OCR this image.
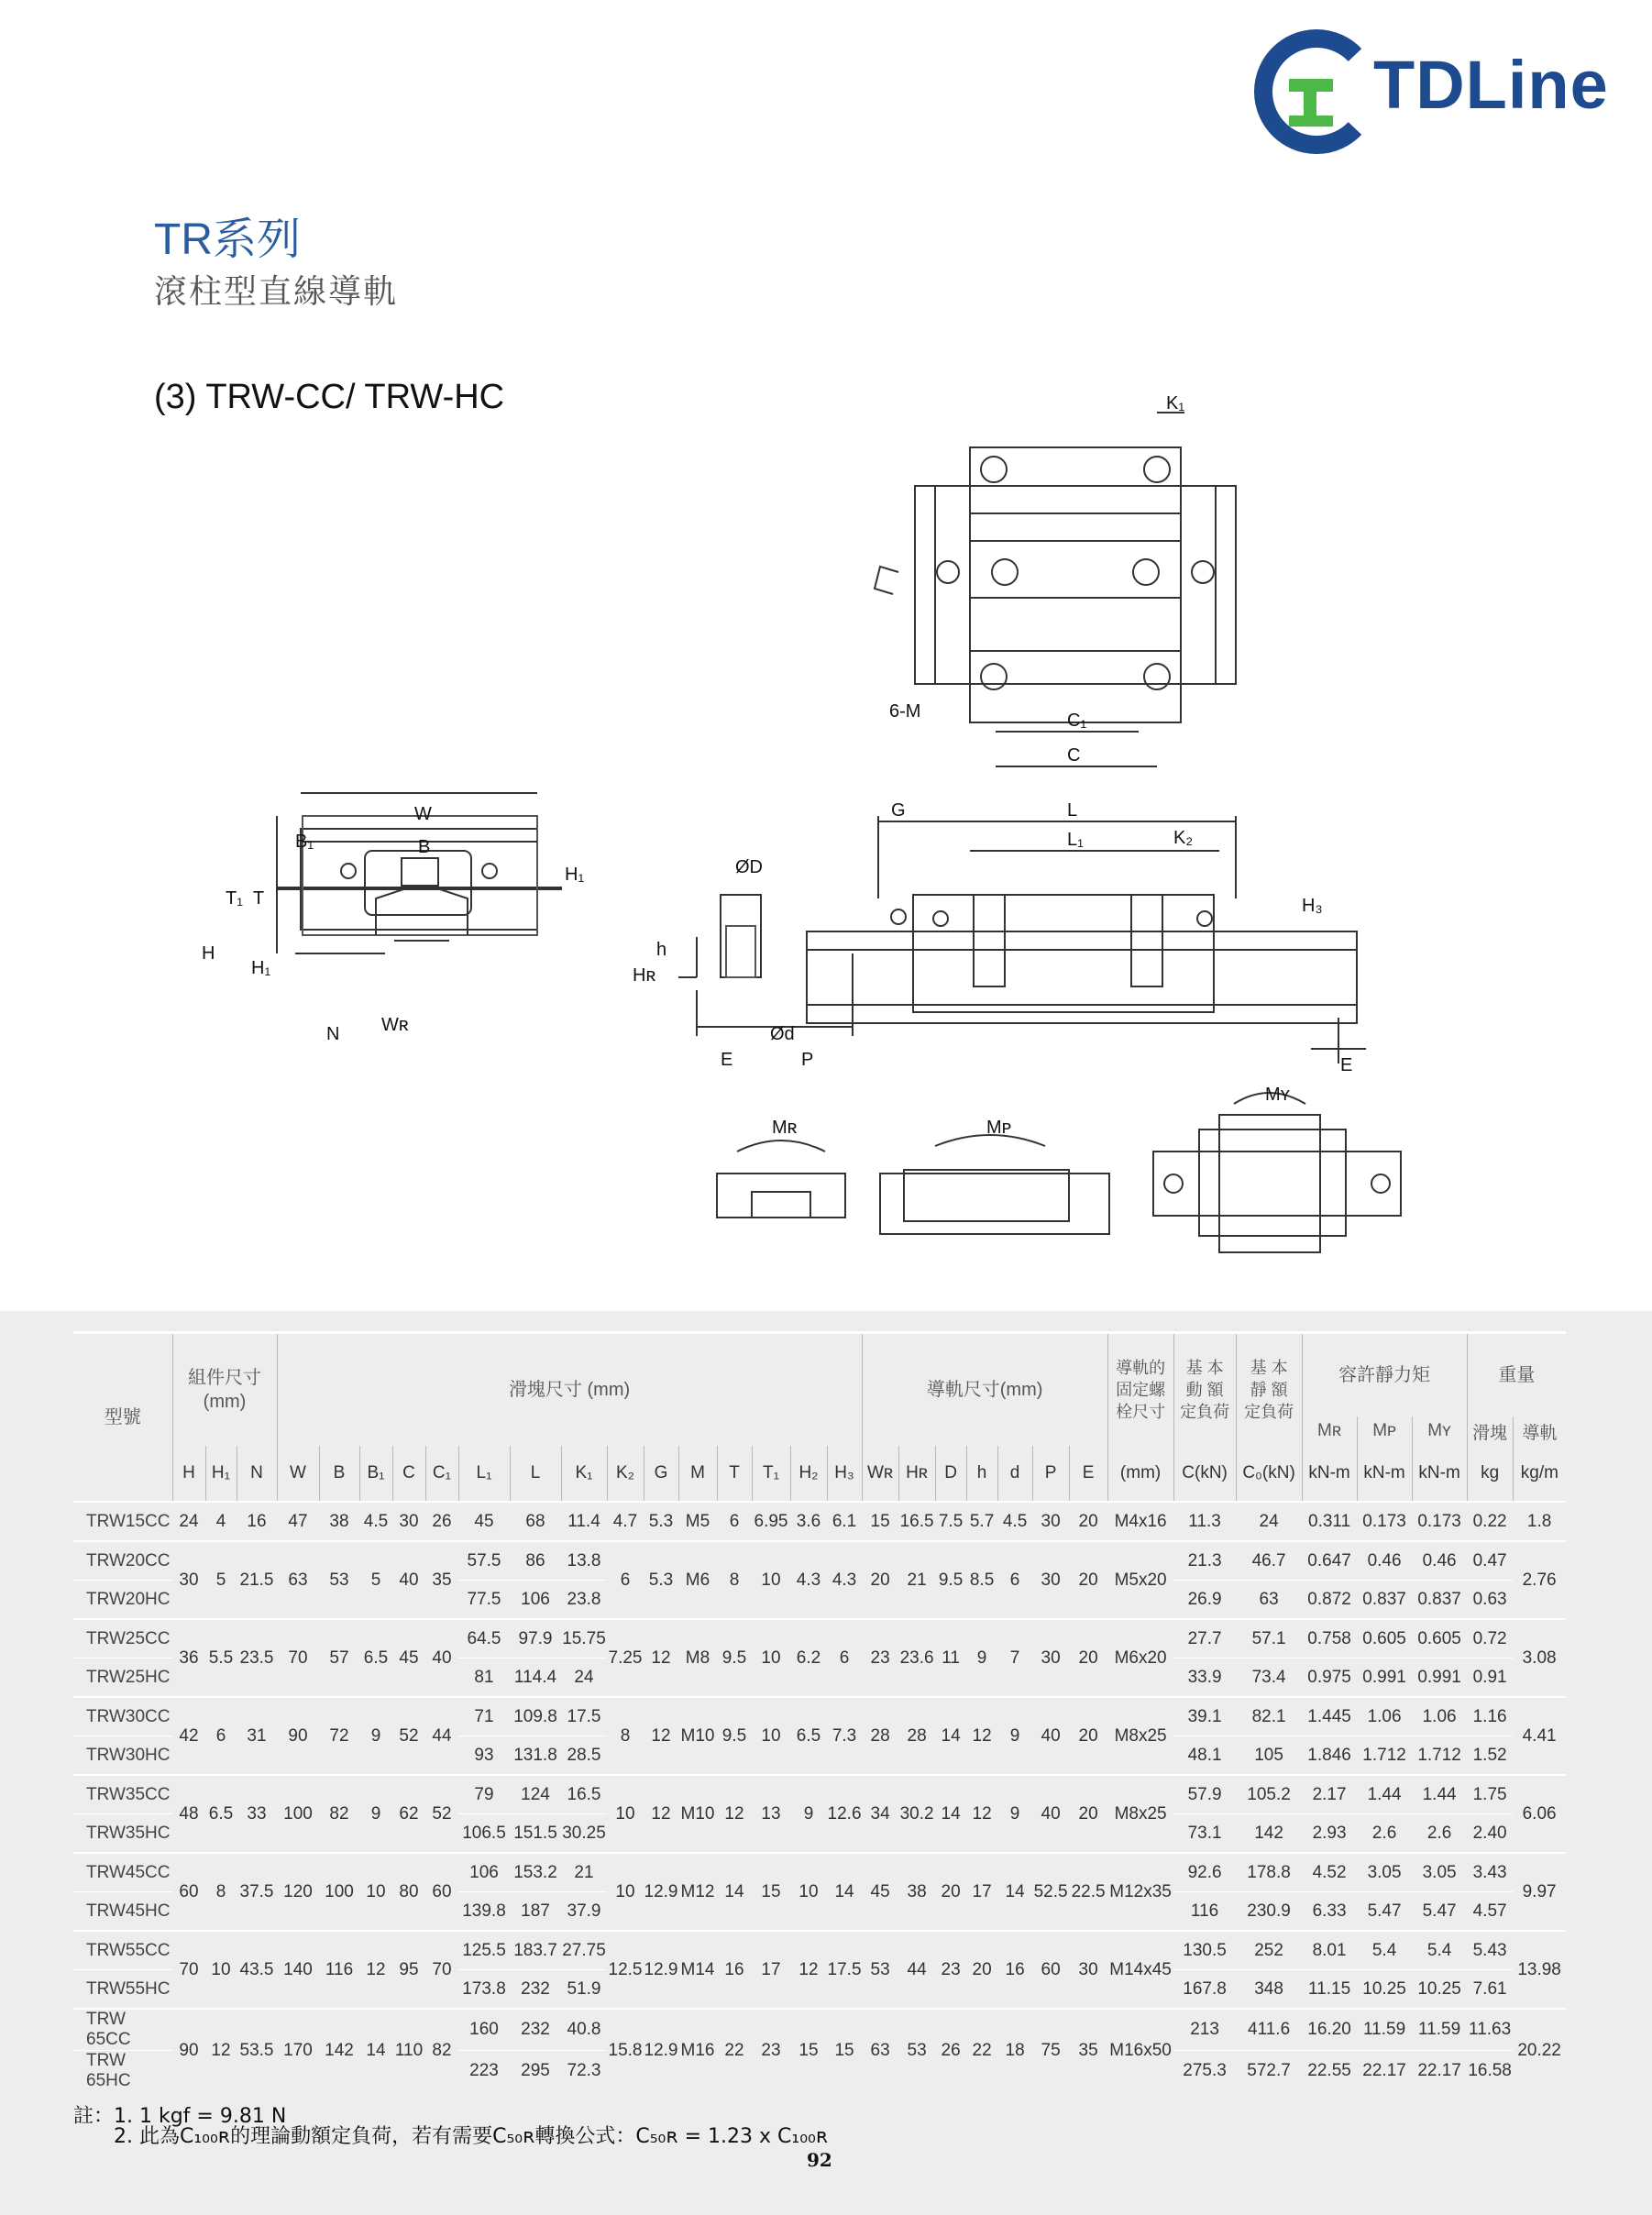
TDLine
TR系列
滾柱型直線導軌
(3) TRW-CC/ TRW-HC	K₁
6-M	C₁
C
W
B₁	B
H₁
T₁ T
H
H₁
N Wʀ
ØD
h
Hʀ
Ød
E	P
G	L
L₁	K₂
H₃
E
Mʀ	Mᴘ
Mʏ
型號	組件尺寸
(mm)			滑塊尺寸 (mm)															導軌尺寸(mm)							導軌的
固定螺
栓尺寸	基 本
動 額
定負荷	基 本
靜 額
定負荷	容許靜力矩			重量	
																													Mʀ	Mᴘ	Mʏ	滑塊	導軌
	H	H₁	N	W	B	B₁	C	C₁	L₁	L	K₁	K₂	G	M	T	T₁	H₂	H₃	Wʀ	Hʀ	D	h	d	P	E	(mm)	C(kN)	C₀(kN)	kN-m	kN-m	kN-m	kg	kg/m
TRW15CC	24	4	16	47	38	4.5	30	26	45	68	11.4	4.7	5.3	M5	6	6.95	3.6	6.1	15	16.5	7.5	5.7	4.5	30	20	M4x16	11.3	24	0.311	0.173	0.173	0.22	1.8
TRW20CC	30	5	21.5	63	53	5	40	35	57.5	86	13.8	6	5.3	M6	8	10	4.3	4.3	20	21	9.5	8.5	6	30	20	M5x20	21.3	46.7	0.647	0.46	0.46	0.47	2.76
TRW20HC									77.5	106	23.8																26.9	63	0.872	0.837	0.837	0.63	
TRW25CC	36	5.5	23.5	70	57	6.5	45	40	64.5	97.9	15.75	7.25	12	M8	9.5	10	6.2	6	23	23.6	11	9	7	30	20	M6x20	27.7	57.1	0.758	0.605	0.605	0.72	3.08
TRW25HC									81	114.4	24																33.9	73.4	0.975	0.991	0.991	0.91	
TRW30CC	42	6	31	90	72	9	52	44	71	109.8	17.5	8	12	M10	9.5	10	6.5	7.3	28	28	14	12	9	40	20	M8x25	39.1	82.1	1.445	1.06	1.06	1.16	4.41
TRW30HC									93	131.8	28.5																48.1	105	1.846	1.712	1.712	1.52	
TRW35CC	48	6.5	33	100	82	9	62	52	79	124	16.5	10	12	M10	12	13	9	12.6	34	30.2	14	12	9	40	20	M8x25	57.9	105.2	2.17	1.44	1.44	1.75	6.06
TRW35HC									106.5	151.5	30.25																73.1	142	2.93	2.6	2.6	2.40	
TRW45CC	60	8	37.5	120	100	10	80	60	106	153.2	21	10	12.9	M12	14	15	10	14	45	38	20	17	14	52.5	22.5	M12x35	92.6	178.8	4.52	3.05	3.05	3.43	9.97
TRW45HC									139.8	187	37.9																116	230.9	6.33	5.47	5.47	4.57	
TRW55CC	70	10	43.5	140	116	12	95	70	125.5	183.7	27.75	12.5	12.9	M14	16	17	12	17.5	53	44	23	20	16	60	30	M14x45	130.5	252	8.01	5.4	5.4	5.43	13.98
TRW55HC									173.8	232	51.9																167.8	348	11.15	10.25	10.25	7.61	
TRW 65CC	90	12	53.5	170	142	14	110	82	160	232	40.8	15.8	12.9	M16	22	23	15	15	63	53	26	22	18	75	35	M16x50	213	411.6	16.20	11.59	11.59	11.63	20.22
TRW 65HC									223	295	72.3																275.3	572.7	22.55	22.17	22.17	16.58	
註：1. 1 kgf = 9.81 N
2. 此為C₁₀₀ʀ的理論動額定負荷，若有需要C₅₀ʀ轉換公式：C₅₀ʀ = 1.23 x C₁₀₀ʀ
92
